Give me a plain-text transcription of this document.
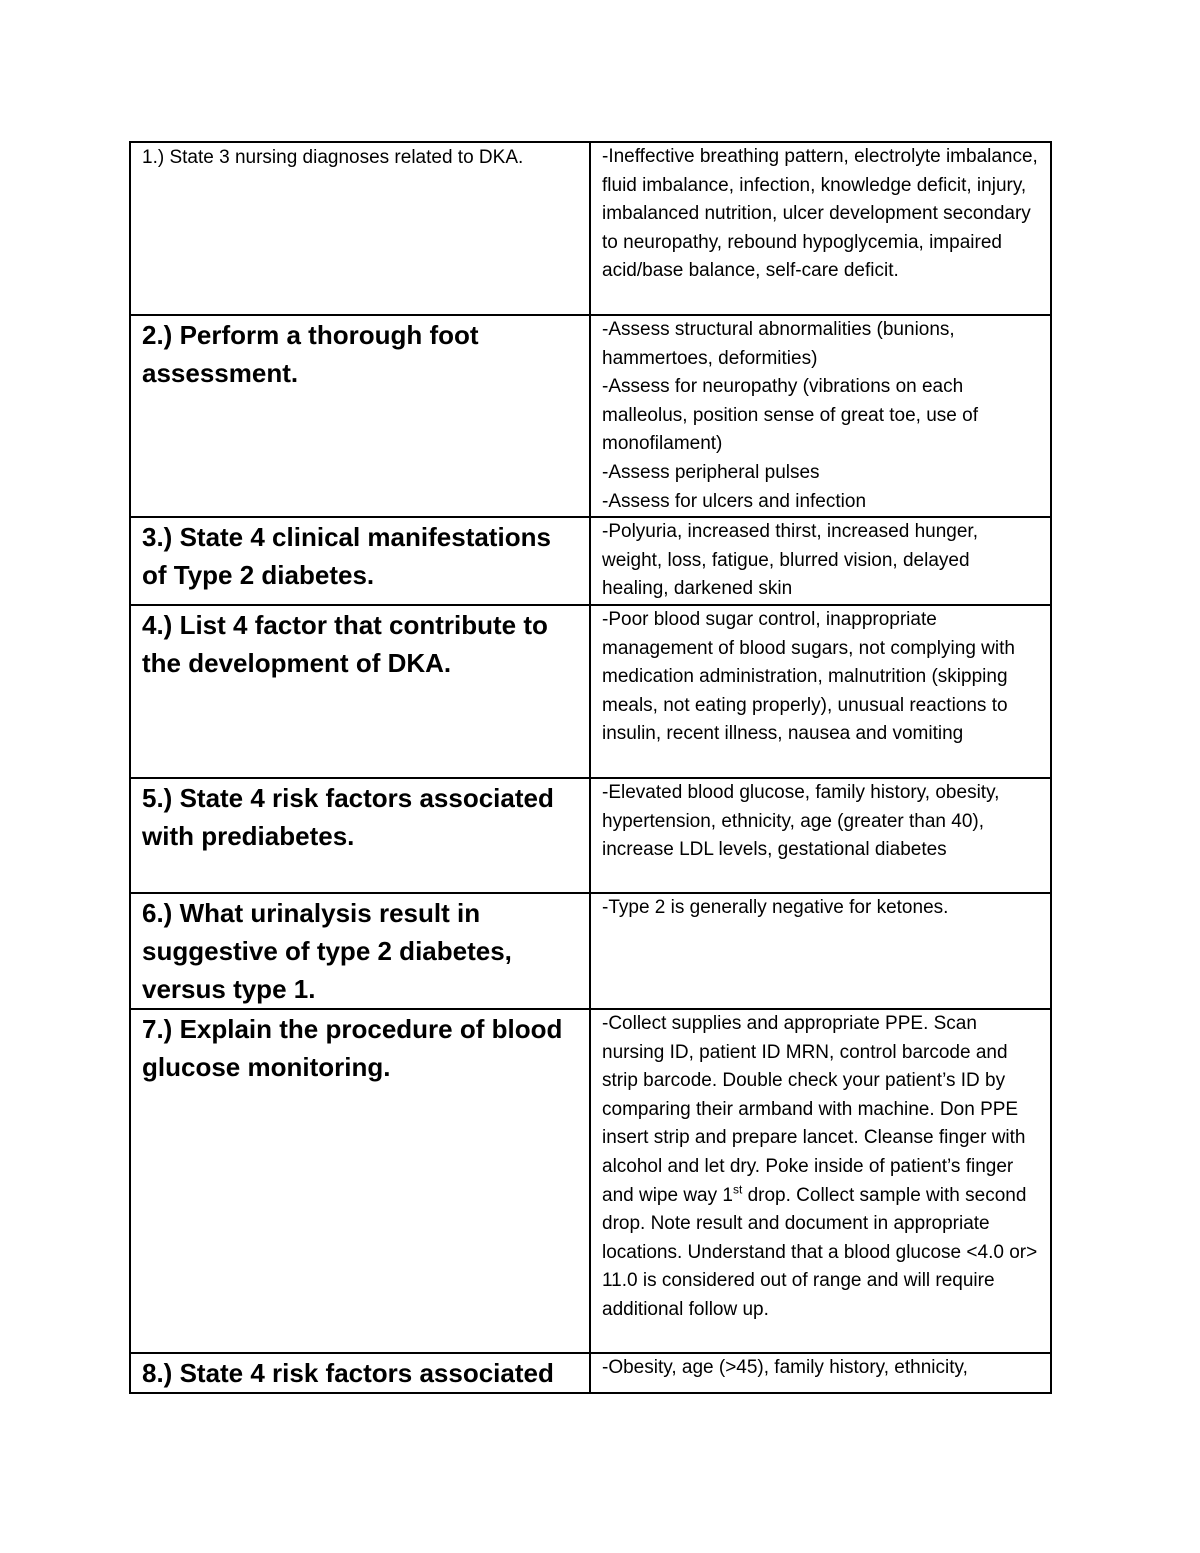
1.) State 3 nursing diagnoses related to DKA.	-Ineffective breathing pattern, electrolyte imbalance, fluid imbalance, infection, knowledge deficit, injury, imbalanced nutrition, ulcer development secondary to neuropathy, rebound hypoglycemia, impaired acid/base balance, self-care deficit.

2.) Perform a thorough foot assessment.	-Assess structural abnormalities (bunions, hammertoes, deformities)

-Assess for neuropathy (vibrations on each malleolus, position sense of great toe, use of monofilament)

-Assess peripheral pulses

-Assess for ulcers and infection

3.) State 4 clinical manifestations of Type 2 diabetes.	-Polyuria, increased thirst, increased hunger, weight, loss, fatigue, blurred vision, delayed healing, darkened skin

4.) List 4 factor that contribute to the development of DKA.	-Poor blood sugar control, inappropriate management of blood sugars, not complying with medication administration, malnutrition (skipping meals, not eating properly), unusual reactions to insulin, recent illness, nausea and vomiting

5.) State 4 risk factors associated with prediabetes.	-Elevated blood glucose, family history, obesity, hypertension, ethnicity, age (greater than 40), increase LDL levels, gestational diabetes

6.) What urinalysis result in suggestive of type 2 diabetes, versus type 1.	-Type 2 is generally negative for ketones.

7.) Explain the procedure of blood glucose monitoring.	-Collect supplies and appropriate PPE. Scan nursing ID, patient ID MRN, control barcode and strip barcode. Double check your patient’s ID by comparing their armband with machine. Don PPE insert strip and prepare lancet. Cleanse finger with alcohol and let dry. Poke inside of patient’s finger and wipe way 1st drop. Collect sample with second drop. Note result and document in appropriate locations. Understand that a blood glucose <4.0 or> 11.0 is considered out of range and will require additional follow up.

8.) State 4 risk factors associated	-Obesity, age (>45), family history, ethnicity,
